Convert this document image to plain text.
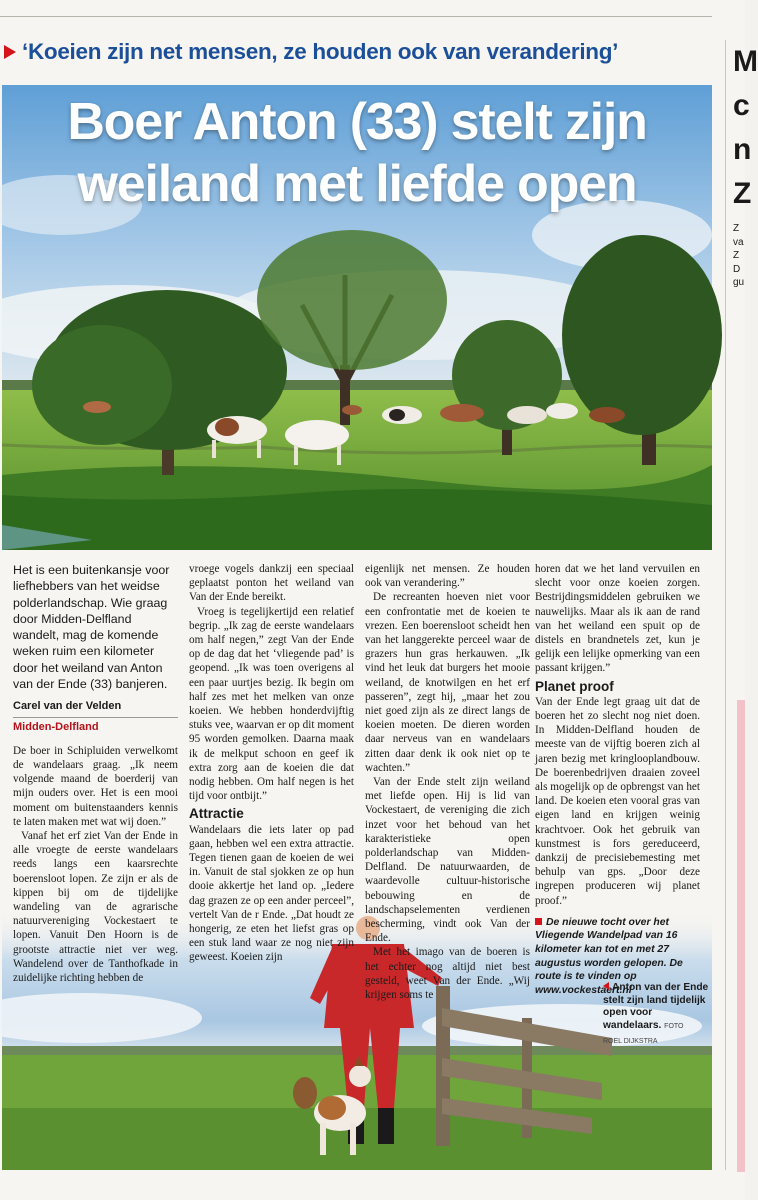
‘Koeien zijn net mensen, ze houden ook van verandering’
Boer Anton (33) stelt zijn
weiland met liefde open

Het is een buitenkansje voor liefhebbers van het weidse polderlandschap. Wie graag door Midden-Delfland wandelt, mag de komende weken ruim een kilometer door het weiland van Anton van der Ende (33) banjeren.

Carel van der Velden
Midden-Delfland

De boer in Schipluiden verwelkomt de wandelaars graag. „Ik neem volgende maand de boerderij van mijn ouders over. Het is een mooi moment om buitenstaanders kennis te laten maken met wat wij doen.”

Vanaf het erf ziet Van der Ende in alle vroegte de eerste wandelaars reeds langs een kaarsrechte boerensloot lopen. Ze zijn er als de kippen bij om de tijdelijke wandeling van de agrarische natuurvereniging Vockestaert te lopen. Vanuit Den Hoorn is de grootste attractie niet ver weg. Wandelend over de Tanthofkade in zuidelijke richting hebben de

vroege vogels dankzij een speciaal geplaatst ponton het weiland van Van der Ende bereikt.

Vroeg is tegelijkertijd een relatief begrip. „Ik zag de eerste wandelaars om half negen,” zegt Van der Ende op de dag dat het ‘vliegende pad’ is geopend. „Ik was toen overigens al een paar uurtjes bezig. Ik begin om half zes met het melken van onze koeien. We hebben honderdvijftig stuks vee, waarvan er op dit moment 95 worden gemolken. Daarna maak ik de melkput schoon en geef ik extra zorg aan de koeien die dat nodig hebben. Om half negen is het tijd voor ontbijt.”

Attractie

Wandelaars die iets later op pad gaan, hebben wel een extra attractie. Tegen tienen gaan de koeien de wei in. Vanuit de stal sjokken ze op hun dooie akkertje het land op. „Iedere dag grazen ze op een ander perceel”, vertelt Van de r Ende. „Dat houdt ze hongerig, ze eten het liefst gras op een stuk land waar ze nog niet zijn geweest. Koeien zijn

eigenlijk net mensen. Ze houden ook van verandering.”

De recreanten hoeven niet voor een confrontatie met de koeien te vrezen. Een boerensloot scheidt hen van het langgerekte perceel waar de grazers hun gras herkauwen. „Ik vind het leuk dat burgers het mooie weiland, de knotwilgen en het erf passeren”, zegt hij, „maar het zou niet goed zijn als ze direct langs de koeien moeten. De dieren worden daar nerveus van en wandelaars zitten daar denk ik ook niet op te wachten.”

Van der Ende stelt zijn weiland met liefde open. Hij is lid van Vockestaert, de vereniging die zich inzet voor het behoud van het karakteristieke open polderlandschap van Midden-Delfland. De natuurwaarden, de waardevolle cultuur-historische bebouwing en de landschapselementen verdienen bescherming, vindt ook Van der Ende.

Met het imago van de boeren is het echter nog altijd niet best gesteld, weet Van der Ende. „Wij krijgen soms te

horen dat we het land vervuilen en slecht voor onze koeien zorgen. Bestrijdingsmiddelen gebruiken we nauwelijks. Maar als ik aan de rand van het weiland een spuit op de distels en brandnetels zet, kun je gelijk een lelijke opmerking van een passant krijgen.”

Planet proof

Van der Ende legt graag uit dat de boeren het zo slecht nog niet doen. In Midden-Delfland houden de meeste van de vijftig boeren zich al jaren bezig met kringlooplandbouw. De boerenbedrijven draaien zoveel als mogelijk op de opbrengst van het land. De koeien eten vooral gras van eigen land en krijgen weinig krachtvoer. Ook het gebruik van kunstmest is fors gereduceerd, dankzij de precisiebemesting met behulp van gps. „Door deze ingrepen produceren wij planet proof.”

De nieuwe tocht over het Vliegende Wandelpad van 16 kilometer kan tot en met 27 augustus worden gelopen. De route is te vinden op www.vockestaert.nl

Anton van der Ende stelt zijn land tijdelijk open voor wandelaars. FOTO
ROEL DIJKSTRA
M
c
n
Z
Z
va
Z
D
gu
